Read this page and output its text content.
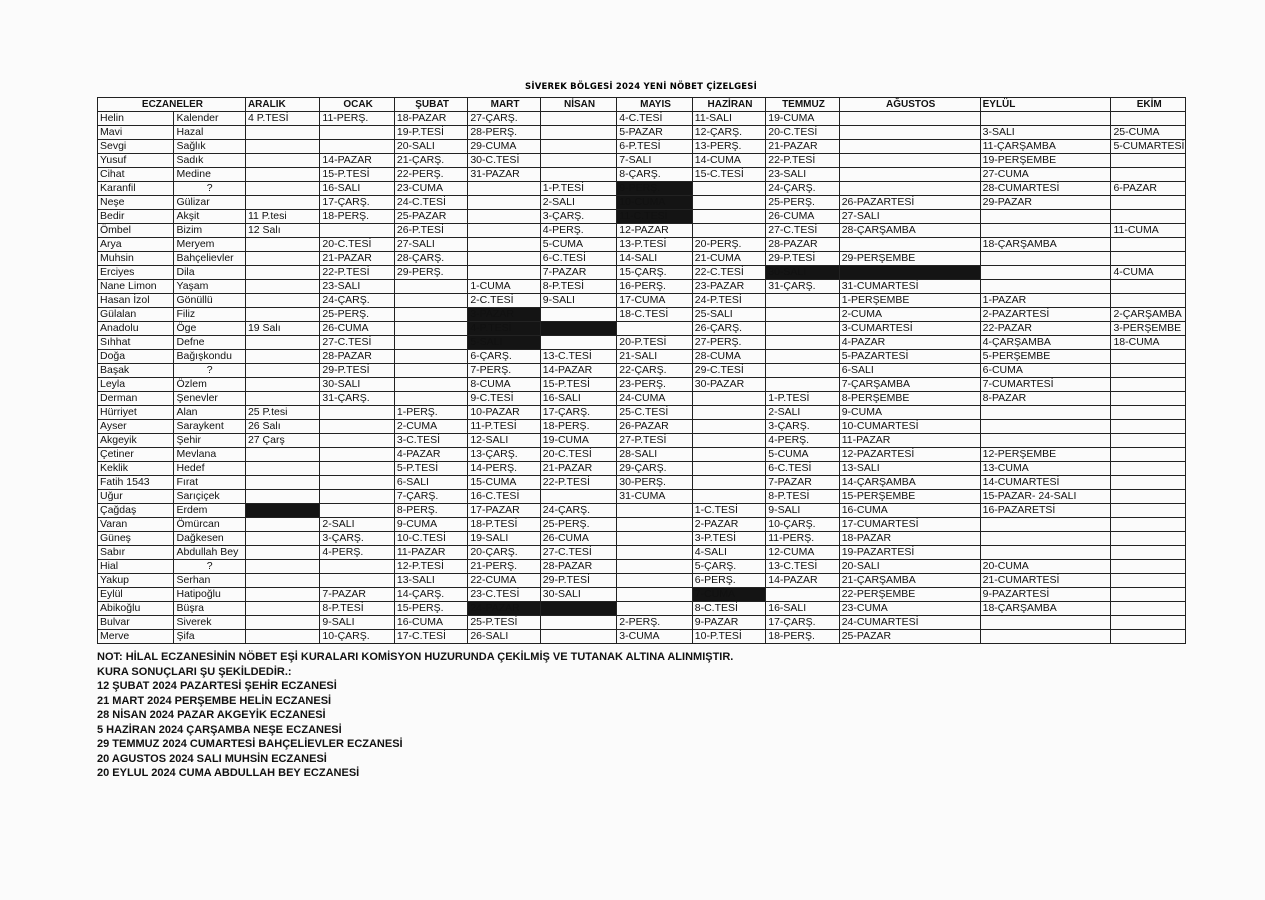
SİVEREK BÖLGESİ 2024 YENİ NÖBET ÇİZELGESİ
ECZANELER		ARALIK	OCAK	ŞUBAT	MART	NİSAN	MAYIS	HAZİRAN	TEMMUZ	AĞUSTOS	EYLÜL	EKİM
Helin	Kalender	4 P.TESİ	11-PERŞ.	18-PAZAR	27-ÇARŞ.		4-C.TESİ	11-SALI	19-CUMA			
Mavi	Hazal			19-P.TESİ	28-PERŞ.		5-PAZAR	12-ÇARŞ.	20-C.TESİ		3-SALI	25-CUMA
Sevgi	Sağlık			20-SALI	29-CUMA		6-P.TESİ	13-PERŞ.	21-PAZAR		11-ÇARŞAMBA	5-CUMARTESİ
Yusuf	Sadık		14-PAZAR	21-ÇARŞ.	30-C.TESİ		7-SALI	14-CUMA	22-P.TESİ		19-PERŞEMBE	
Cihat	Medine		15-P.TESİ	22-PERŞ.	31-PAZAR		8-ÇARŞ.	15-C.TESİ	23-SALI		27-CUMA	
Karanfil	?		16-SALI	23-CUMA		1-P.TESİ	9-PERŞ.		24-ÇARŞ.		28-CUMARTESİ	6-PAZAR
Neşe	Gülizar		17-ÇARŞ.	24-C.TESİ		2-SALI	10-CUMA		25-PERŞ.	26-PAZARTESİ	29-PAZAR	
Bedir	Akşit	11 P.tesi	18-PERŞ.	25-PAZAR		3-ÇARŞ.	11-C.TESİ		26-CUMA	27-SALI		
Ömbel	Bizim	12 Salı		26-P.TESİ		4-PERŞ.	12-PAZAR		27-C.TESİ	28-ÇARŞAMBA		11-CUMA
Arya	Meryem		20-C.TESİ	27-SALI		5-CUMA	13-P.TESİ	20-PERŞ.	28-PAZAR		18-ÇARŞAMBA	
Muhsin	Bahçelievler		21-PAZAR	28-ÇARŞ.		6-C.TESİ	14-SALI	21-CUMA	29-P.TESİ	29-PERŞEMBE		
Erciyes	Dila		22-P.TESİ	29-PERŞ.		7-PAZAR	15-ÇARŞ.	22-C.TESİ	30-SALI			4-CUMA
Nane Limon	Yaşam		23-SALI		1-CUMA	8-P.TESİ	16-PERŞ.	23-PAZAR	31-ÇARŞ.	31-CUMARTESİ		
Hasan İzol	Gönüllü		24-ÇARŞ.		2-C.TESİ	9-SALI	17-CUMA	24-P.TESİ		1-PERŞEMBE	1-PAZAR	
Gülalan	Filiz		25-PERŞ.		3-PAZAR		18-C.TESİ	25-SALI		2-CUMA	2-PAZARTESİ	2-ÇARŞAMBA
Anadolu	Öge	19 Salı	26-CUMA		4-P.TESİ			26-ÇARŞ.		3-CUMARTESİ	22-PAZAR	3-PERŞEMBE
Sıhhat	Defne		27-C.TESİ		5-SALI		20-P.TESİ	27-PERŞ.		4-PAZAR	4-ÇARŞAMBA	18-CUMA
Doğa	Bağışkondu		28-PAZAR		6-ÇARŞ.	13-C.TESİ	21-SALI	28-CUMA		5-PAZARTESİ	5-PERŞEMBE	
Başak	?		29-P.TESİ		7-PERŞ.	14-PAZAR	22-ÇARŞ.	29-C.TESİ		6-SALI	6-CUMA	
Leyla	Özlem		30-SALI		8-CUMA	15-P.TESİ	23-PERŞ.	30-PAZAR		7-ÇARŞAMBA	7-CUMARTESİ	
Derman	Şenevler		31-ÇARŞ.		9-C.TESİ	16-SALI	24-CUMA		1-P.TESİ	8-PERŞEMBE	8-PAZAR	
Hürriyet	Alan	25 P.tesi		1-PERŞ.	10-PAZAR	17-ÇARŞ.	25-C.TESİ		2-SALI	9-CUMA		
Ayser	Saraykent	26 Salı		2-CUMA	11-P.TESİ	18-PERŞ.	26-PAZAR		3-ÇARŞ.	10-CUMARTESİ		
Akgeyik	Şehir	27 Çarş		3-C.TESİ	12-SALI	19-CUMA	27-P.TESİ		4-PERŞ.	11-PAZAR		
Çetiner	Mevlana			4-PAZAR	13-ÇARŞ.	20-C.TESİ	28-SALI		5-CUMA	12-PAZARTESİ	12-PERŞEMBE	
Keklik	Hedef			5-P.TESİ	14-PERŞ.	21-PAZAR	29-ÇARŞ.		6-C.TESİ	13-SALI	13-CUMA	
Fatih 1543	Fırat			6-SALI	15-CUMA	22-P.TESİ	30-PERŞ.		7-PAZAR	14-ÇARŞAMBA	14-CUMARTESİ	
Uğur	Sarıçiçek			7-ÇARŞ.	16-C.TESİ		31-CUMA		8-P.TESİ	15-PERŞEMBE	15-PAZAR- 24-SALI	
Çağdaş	Erdem			8-PERŞ.	17-PAZAR	24-ÇARŞ.		1-C.TESİ	9-SALI	16-CUMA	16-PAZARETSİ	
Varan	Ömürcan		2-SALI	9-CUMA	18-P.TESİ	25-PERŞ.		2-PAZAR	10-ÇARŞ.	17-CUMARTESİ		
Güneş	Dağkesen		3-ÇARŞ.	10-C.TESİ	19-SALI	26-CUMA		3-P.TESİ	11-PERŞ.	18-PAZAR		
Sabır	Abdullah Bey		4-PERŞ.	11-PAZAR	20-ÇARŞ.	27-C.TESİ		4-SALI	12-CUMA	19-PAZARTESİ		
Hial	?			12-P.TESİ	21-PERŞ.	28-PAZAR		5-ÇARŞ.	13-C.TESİ	20-SALI	20-CUMA	
Yakup	Serhan			13-SALI	22-CUMA	29-P.TESİ		6-PERŞ.	14-PAZAR	21-ÇARŞAMBA	21-CUMARTESİ	
Eylül	Hatipoğlu		7-PAZAR	14-ÇARŞ.	23-C.TESİ	30-SALI		7-CUMA		22-PERŞEMBE	9-PAZARTESİ	
Abikoğlu	Büşra		8-P.TESİ	15-PERŞ.	24-PAZAR			8-C.TESİ	16-SALI	23-CUMA	18-ÇARŞAMBA	
Bulvar	Siverek		9-SALI	16-CUMA	25-P.TESİ		2-PERŞ.	9-PAZAR	17-ÇARŞ.	24-CUMARTESİ		
Merve	Şifa		10-ÇARŞ.	17-C.TESİ	26-SALI		3-CUMA	10-P.TESİ	18-PERŞ.	25-PAZAR		
NOT: HİLAL ECZANESİNİN NÖBET EŞİ KURALARI KOMİSYON HUZURUNDA ÇEKİLMİŞ VE TUTANAK ALTINA ALINMIŞTIR.
KURA SONUÇLARI ŞU ŞEKİLDEDİR.:
12 ŞUBAT 2024 PAZARTESİ ŞEHİR ECZANESİ
21 MART 2024 PERŞEMBE HELİN ECZANESİ
28 NİSAN 2024 PAZAR AKGEYİK ECZANESİ
5 HAZİRAN 2024 ÇARŞAMBA NEŞE ECZANESİ
29 TEMMUZ 2024 CUMARTESİ BAHÇELİEVLER ECZANESİ
20 AGUSTOS 2024 SALI MUHSİN ECZANESİ
20 EYLUL 2024 CUMA ABDULLAH BEY ECZANESİ
